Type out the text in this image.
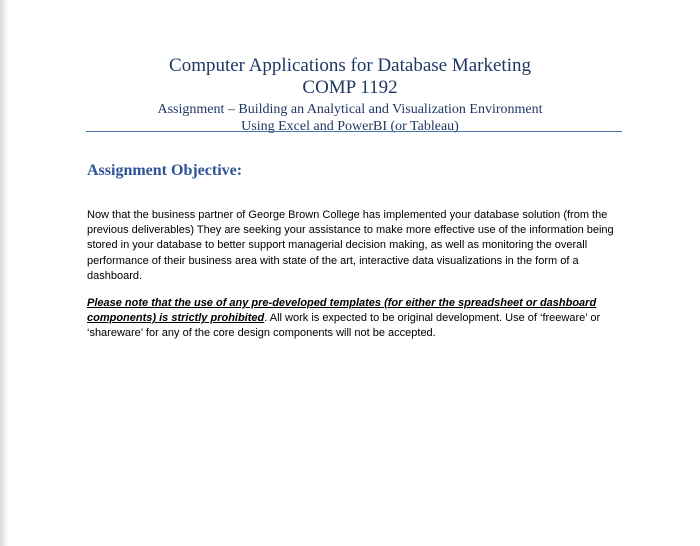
Computer Applications for Database Marketing

COMP 1192

Assignment – Building an Analytical and Visualization Environment

Using Excel and PowerBI (or Tableau)

Assignment Objective:

Now that the business partner of George Brown College has implemented your database solution (from the previous deliverables) They are seeking your assistance to make more effective use of the information being stored in your database to better support managerial decision making, as well as monitoring the overall performance of their business area with state of the art, interactive data visualizations in the form of a dashboard.

Please note that the use of any pre-developed templates (for either the spreadsheet or dashboard components) is strictly prohibited. All work is expected to be original development. Use of ‘freeware’ or ‘shareware’ for any of the core design components will not be accepted.
